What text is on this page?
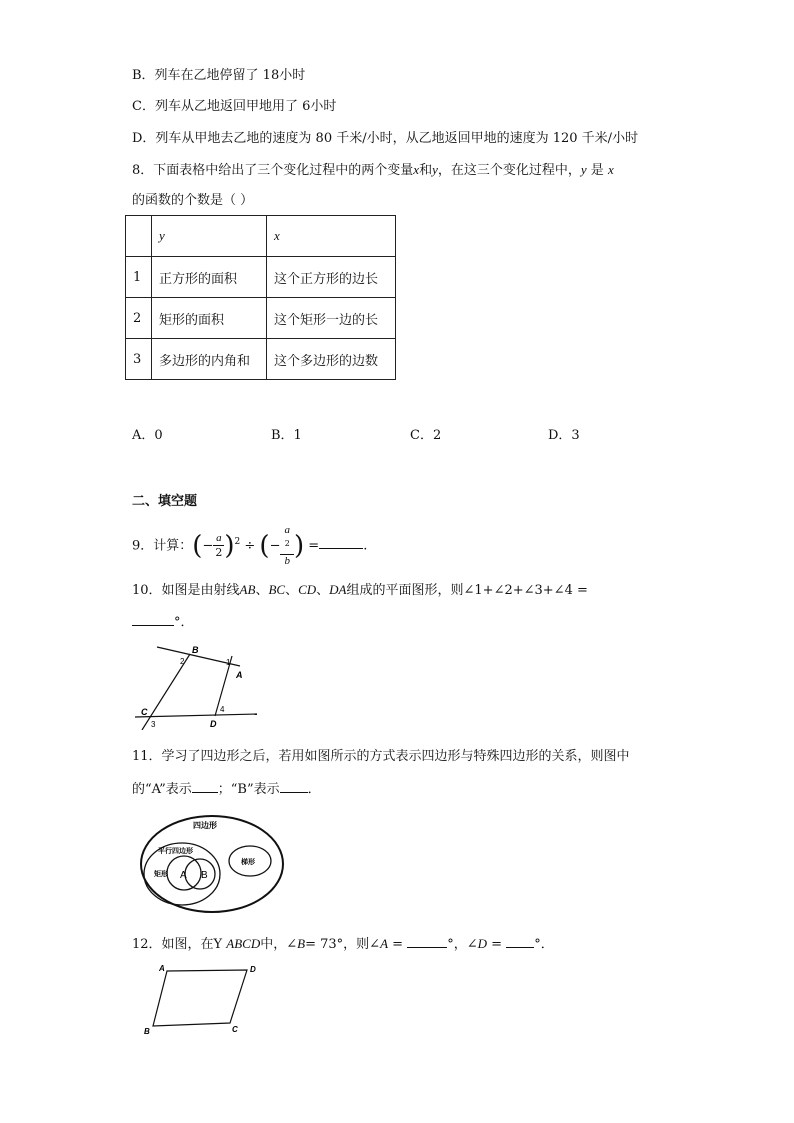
B．列车在乙地停留了 18小时
C．列车从乙地返回甲地用了 6小时
D．列车从甲地去乙地的速度为 80 千米/小时，从乙地返回甲地的速度为 120 千米/小时
8．下面表格中给出了三个变化过程中的两个变量x和y，在这三个变化过程中，y 是 x
的函数的个数是（ ）
	y	x
1	正方形的面积	这个正方形的边长
2	矩形的面积	这个矩形一边的长
3	多边形的内角和	这个多边形的边数
A．0	B．1	C．2	D．3
二、填空题
9．计算：(− $\frac{a}{2} )^2$ ÷ (− a
$^2$
b ) =	.
10．如图是由射线AB、BC、CD、DA组成的平面图形，则∠1+∠2+∠3+∠4 =
°．
B
2	1
A
C
3	D
4
11．学习了四边形之后，若用如图所示的方式表示四边形与特殊四边形的关系，则图中
的“A”表示 ；“B”表示 ．
四边形
平行四边形
矩形 A B
梯形
12．如图，在Y ABCD中，∠B= 73°，则∠A =	°，∠D = °．
A	D
B	C
